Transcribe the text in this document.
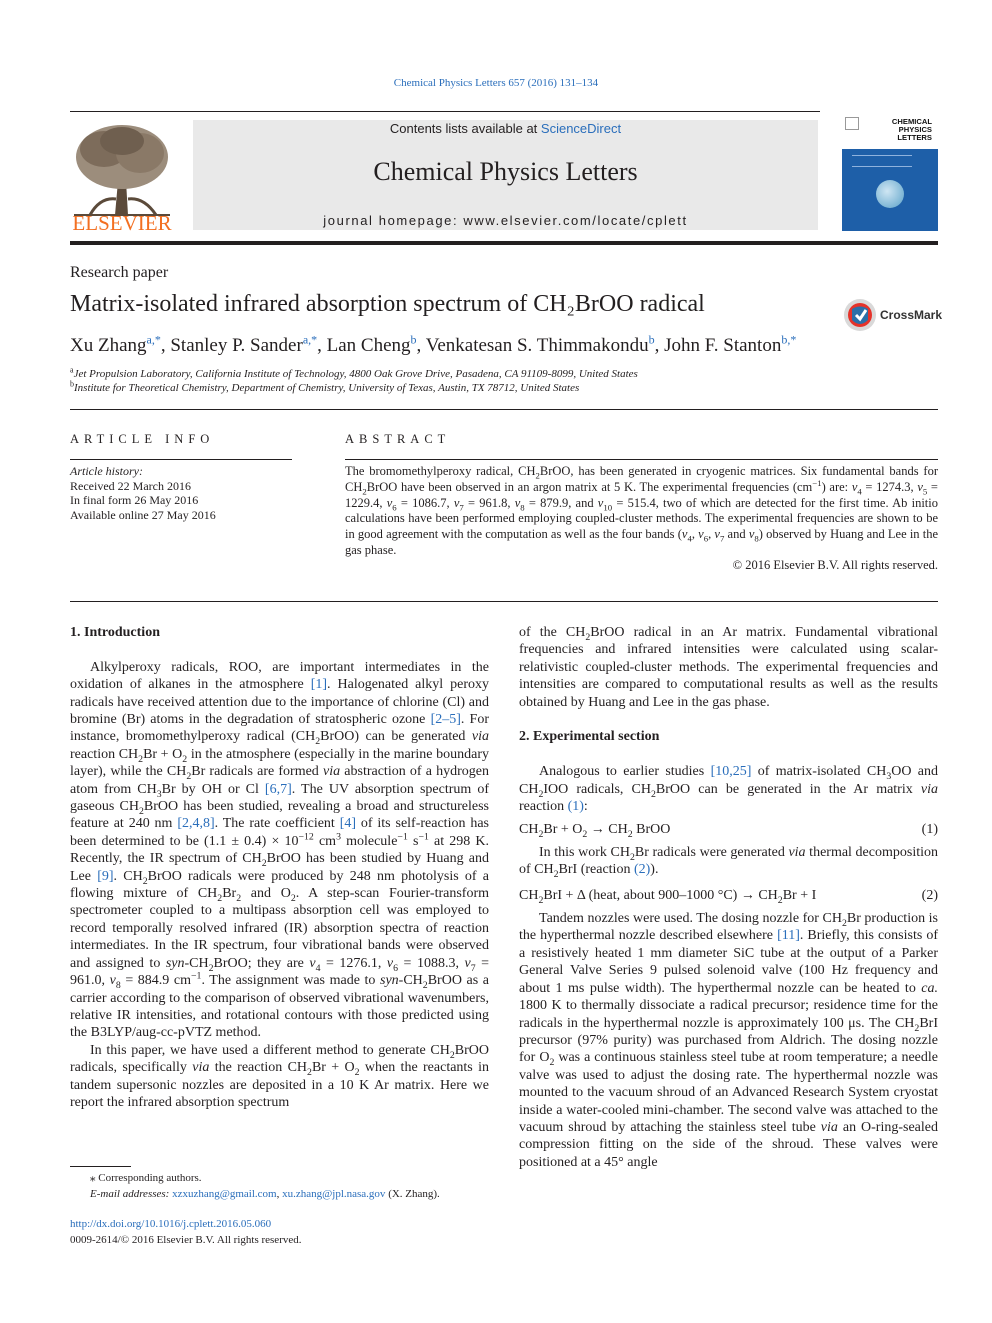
Chemical Physics Letters 657 (2016) 131–134
ELSEVIER
Contents lists available at ScienceDirect
Chemical Physics Letters
journal homepage: www.elsevier.com/locate/cplett
CHEMICAL
PHYSICS
LETTERS
Research paper
Matrix-isolated infrared absorption spectrum of CH₂BrOO radical	CrossMark
Xu Zhang$^{a,*}$, Stanley P. Sander$^{a,*}$, Lan Cheng$^b$, Venkatesan S. Thimmakondu$^b$, John F. Stanton$^{b,*}$
$^a$Jet Propulsion Laboratory, California Institute of Technology, 4800 Oak Grove Drive, Pasadena, CA 91109-8099, United States
$^b$Institute for Theoretical Chemistry, Department of Chemistry, University of Texas, Austin, TX 78712, United States
ARTICLE INFO	ABSTRACT
Article history:
Received 22 March 2016
In final form 26 May 2016
Available online 27 May 2016
The bromomethylperoxy radical, $CH_2BrOO$, has been generated in cryogenic matrices. Six fundamental bands for $CH_2BrOO$ have been observed in an argon matrix at 5 K. The experimental frequencies $(cm^{-1})$ are: $\nu_4 = 1274.3$, $\nu_5 = 1229.4$, $\nu_6 = 1086.7$, $\nu_7 = 961.8$, $\nu_8 = 879.9$, and $\nu_{10} = 515.4$, two of which are detected for the first time. Ab initio calculations have been performed employing coupled-cluster methods. The experimental frequencies are shown to be in good agreement with the computation as well as the four bands ($\nu_4$, $\nu_6$, $\nu_7$ and $\nu_8$) observed by Huang and Lee in the gas phase.
© 2016 Elsevier B.V. All rights reserved.

1. Introduction

Alkylperoxy radicals, ROO, are important intermediates in the oxidation of alkanes in the atmosphere [1]. Halogenated alkyl peroxy radicals have received attention due to the importance of chlorine (Cl) and bromine (Br) atoms in the degradation of stratospheric ozone [2–5]. For instance, bromomethylperoxy radical $(CH_2BrOO)$ can be generated via reaction $CH_2Br + O_2$ in the atmosphere (especially in the marine boundary layer), while the $CH_2Br$ radicals are formed via abstraction of a hydrogen atom from $CH_3Br$ by OH or Cl [6,7]. The UV absorption spectrum of gaseous $CH_2BrOO$ has been studied, revealing a broad and structureless feature at 240 nm [2,4,8]. The rate coefficient [4] of its self-reaction has been determined to be $(1.1 \pm 0.4) \times 10^{-12}$ $cm^3$ molecule$^{-1}$ $s^{-1}$ at 298 K. Recently, the IR spectrum of $CH_2BrOO$ has been studied by Huang and Lee [9]. $CH_2BrOO$ radicals were produced by 248 nm photolysis of a flowing mixture of $CH_2Br_2$ and $O_2$. A step-scan Fourier-transform spectrometer coupled to a multipass absorption cell was employed to record temporally resolved infrared (IR) absorption spectra of reaction intermediates. In the IR spectrum, four vibrational bands were observed and assigned to syn-$CH_2BrOO$; they are $\nu_4 = 1276.1$, $\nu_6 = 1088.3$, $\nu_7 = 961.0$, $\nu_8 = 884.9$ $cm^{-1}$. The assignment was made to syn-$CH_2BrOO$ as a carrier according to the comparison of observed vibrational wavenumbers, relative IR intensities, and rotational contours with those predicted using the B3LYP/aug-cc-pVTZ method.

In this paper, we have used a different method to generate $CH_2BrOO$ radicals, specifically via the reaction $CH_2Br + O_2$ when the reactants in tandem supersonic nozzles are deposited in a 10 K Ar matrix. Here we report the infrared absorption spectrum

of the $CH_2BrOO$ radical in an Ar matrix. Fundamental vibrational frequencies and infrared intensities were calculated using scalar-relativistic coupled-cluster methods. The experimental frequencies and intensities are compared to computational results as well as the results obtained by Huang and Lee in the gas phase.

2. Experimental section

Analogous to earlier studies [10,25] of matrix-isolated $CH_3OO$ and $CH_2IOO$ radicals, $CH_2BrOO$ can be generated in the Ar matrix via reaction (1):

$CH_2Br + O_2 \to CH_2$ BrOO	(1)

In this work $CH_2Br$ radicals were generated via thermal decomposition of $CH_2BrI$ (reaction (2)).

$CH_2BrI + \Delta$ (heat, about 900–1000 $^\circ C) \to CH_2Br + I$	(2)

Tandem nozzles were used. The dosing nozzle for $CH_2Br$ production is the hyperthermal nozzle described elsewhere [11]. Briefly, this consists of a resistively heated 1 mm diameter SiC tube at the output of a Parker General Valve Series 9 pulsed solenoid valve (100 Hz frequency and about 1 ms pulse width). The hyperthermal nozzle can be heated to ca. 1800 K to thermally dissociate a radical precursor; residence time for the radicals in the hyperthermal nozzle is approximately 100 μs. The $CH_2BrI$ precursor (97% purity) was purchased from Aldrich. The dosing nozzle for $O_2$ was a continuous stainless steel tube at room temperature; a needle valve was used to adjust the dosing rate. The hyperthermal nozzle was mounted to the vacuum shroud of an Advanced Research System cryostat inside a water-cooled mini-chamber. The second valve was attached to the vacuum shroud by attaching the stainless steel tube via an O-ring-sealed compression fitting on the side of the shroud. These valves were positioned at a 45° angle

⁎ Corresponding authors.
E-mail addresses: xzxuzhang@gmail.com, xu.zhang@jpl.nasa.gov (X. Zhang).
http://dx.doi.org/10.1016/j.cplett.2016.05.060
0009-2614/© 2016 Elsevier B.V. All rights reserved.
